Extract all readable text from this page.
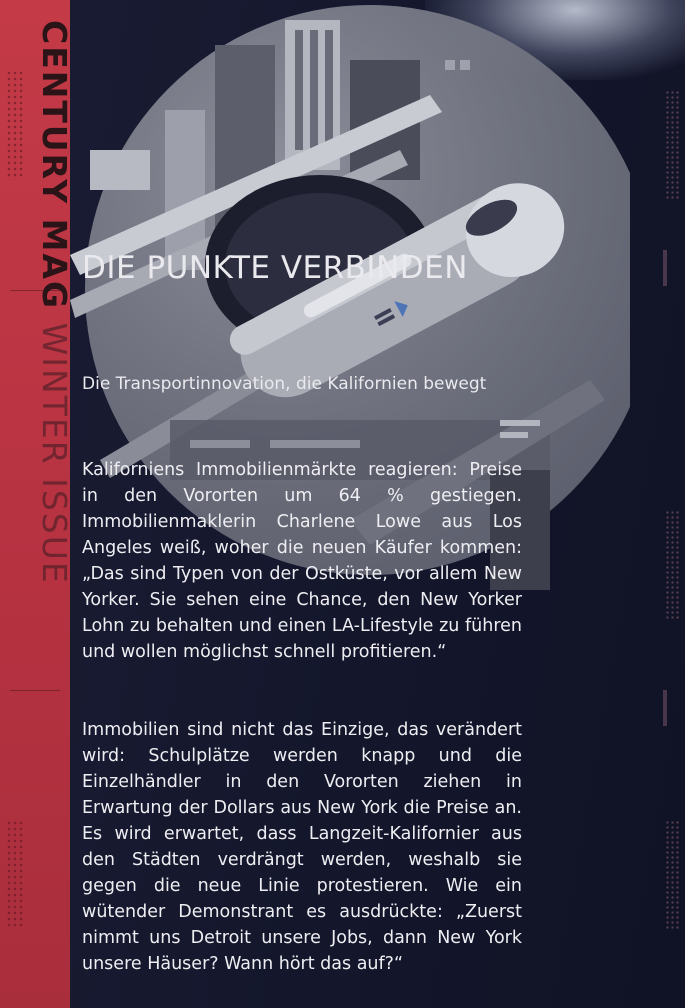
CENTURY MAG WINTER ISSUE
DIE PUNKTE VERBINDEN

Die Transportinnovation, die Kalifornien bewegt

Kaliforniens Immobilienmärkte reagieren: Preise in den Vororten um 64 % gestiegen. Immobilienmaklerin Charlene Lowe aus Los Angeles weiß, woher die neuen Käufer kommen: „Das sind Typen von der Ostküste, vor allem New Yorker. Sie sehen eine Chance, den New Yorker Lohn zu behalten und einen LA-Lifestyle zu führen und wollen möglichst schnell profitieren.“

Immobilien sind nicht das Einzige, das verändert wird: Schulplätze werden knapp und die Einzelhändler in den Vororten ziehen in Erwartung der Dollars aus New York die Preise an. Es wird erwartet, dass Langzeit-Kalifornier aus den Städten verdrängt werden, weshalb sie gegen die neue Linie protestieren. Wie ein wütender Demonstrant es ausdrückte: „Zuerst nimmt uns Detroit unsere Jobs, dann New York unsere Häuser? Wann hört das auf?“
